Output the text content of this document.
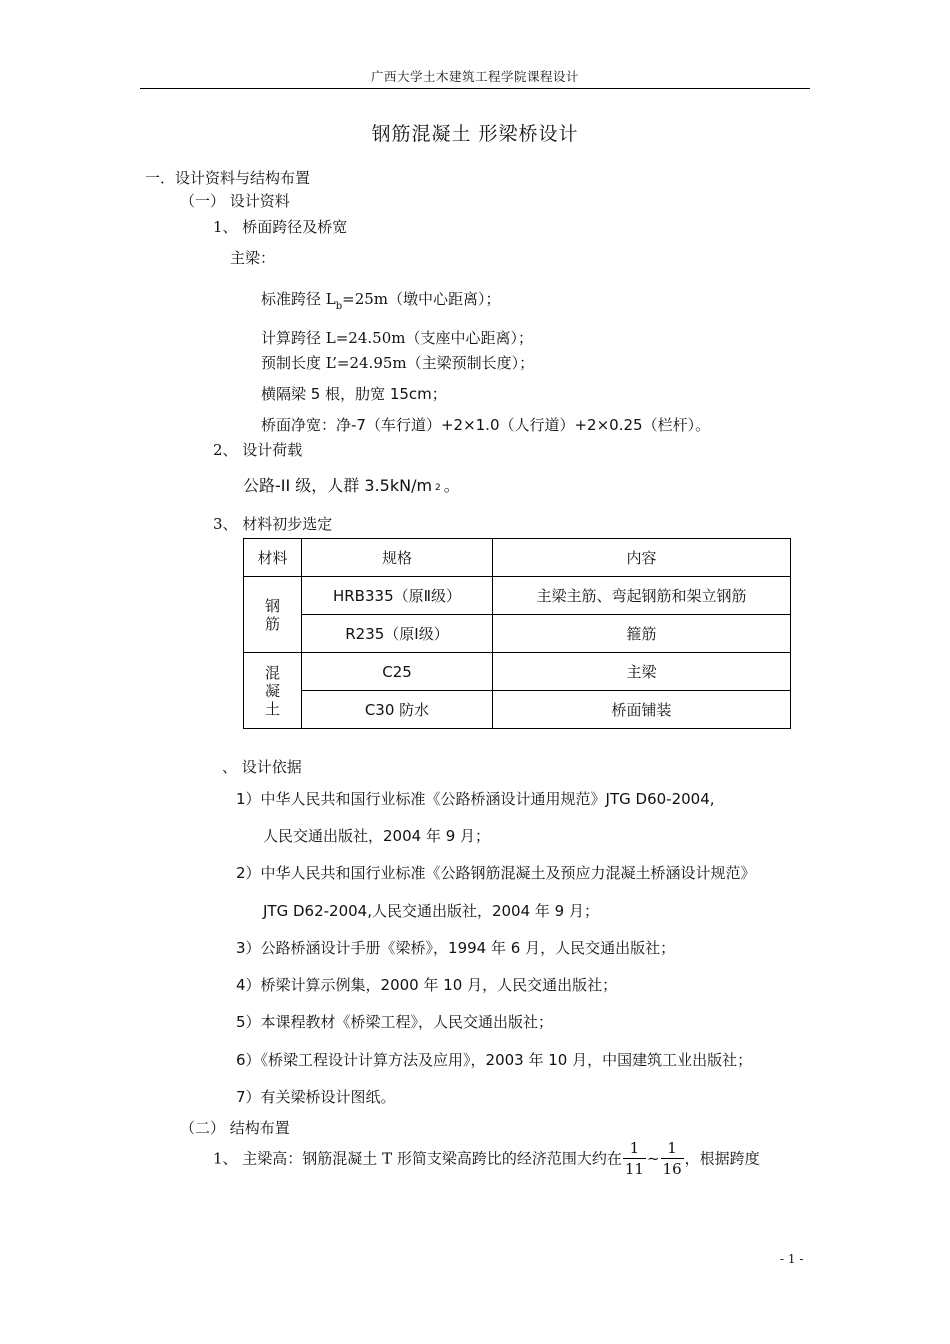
广西大学土木建筑工程学院课程设计
钢筋混凝土 形梁桥设计
一．设计资料与结构布置
（一） 设计资料
1、 桥面跨径及桥宽
主梁：
标准跨径 $L_b=25m$（墩中心距离）；
计算跨径 L=24.50m（支座中心距离）；
预制长度 L’=24.95m（主梁预制长度）；
横隔梁 5 根，肋宽 15cm；
桥面净宽：净-7（车行道）+2×1.0（人行道）+2×0.25（栏杆）。
2、 设计荷载
公路-II 级，人群 3.5kN/m 2 。
3、 材料初步选定
材料	规格	内容
钢筋	HRB335（原Ⅱ级）	主梁主筋、弯起钢筋和架立钢筋
	R235（原Ⅰ级）	箍筋
混凝土	C25	主梁
	C30 防水	桥面铺装
、 设计依据
1）中华人民共和国行业标准《公路桥涵设计通用规范》JTG D60-2004,
人民交通出版社，2004 年 9 月；
2）中华人民共和国行业标准《公路钢筋混凝土及预应力混凝土桥涵设计规范》
JTG D62-2004,人民交通出版社，2004 年 9 月；
3）公路桥涵设计手册《梁桥》，1994 年 6 月，人民交通出版社；
4）桥梁计算示例集，2000 年 10 月，人民交通出版社；
5）本课程教材《桥梁工程》，人民交通出版社；
6）《桥梁工程设计计算方法及应用》，2003 年 10 月，中国建筑工业出版社；
7）有关梁桥设计图纸。
（二） 结构布置
1、 主梁高：钢筋混凝土 T 形简支梁高跨比的经济范围大约在 $\frac{1}{11}$ ~ $\frac{1}{16}$ ，根据跨度
- 1 -
